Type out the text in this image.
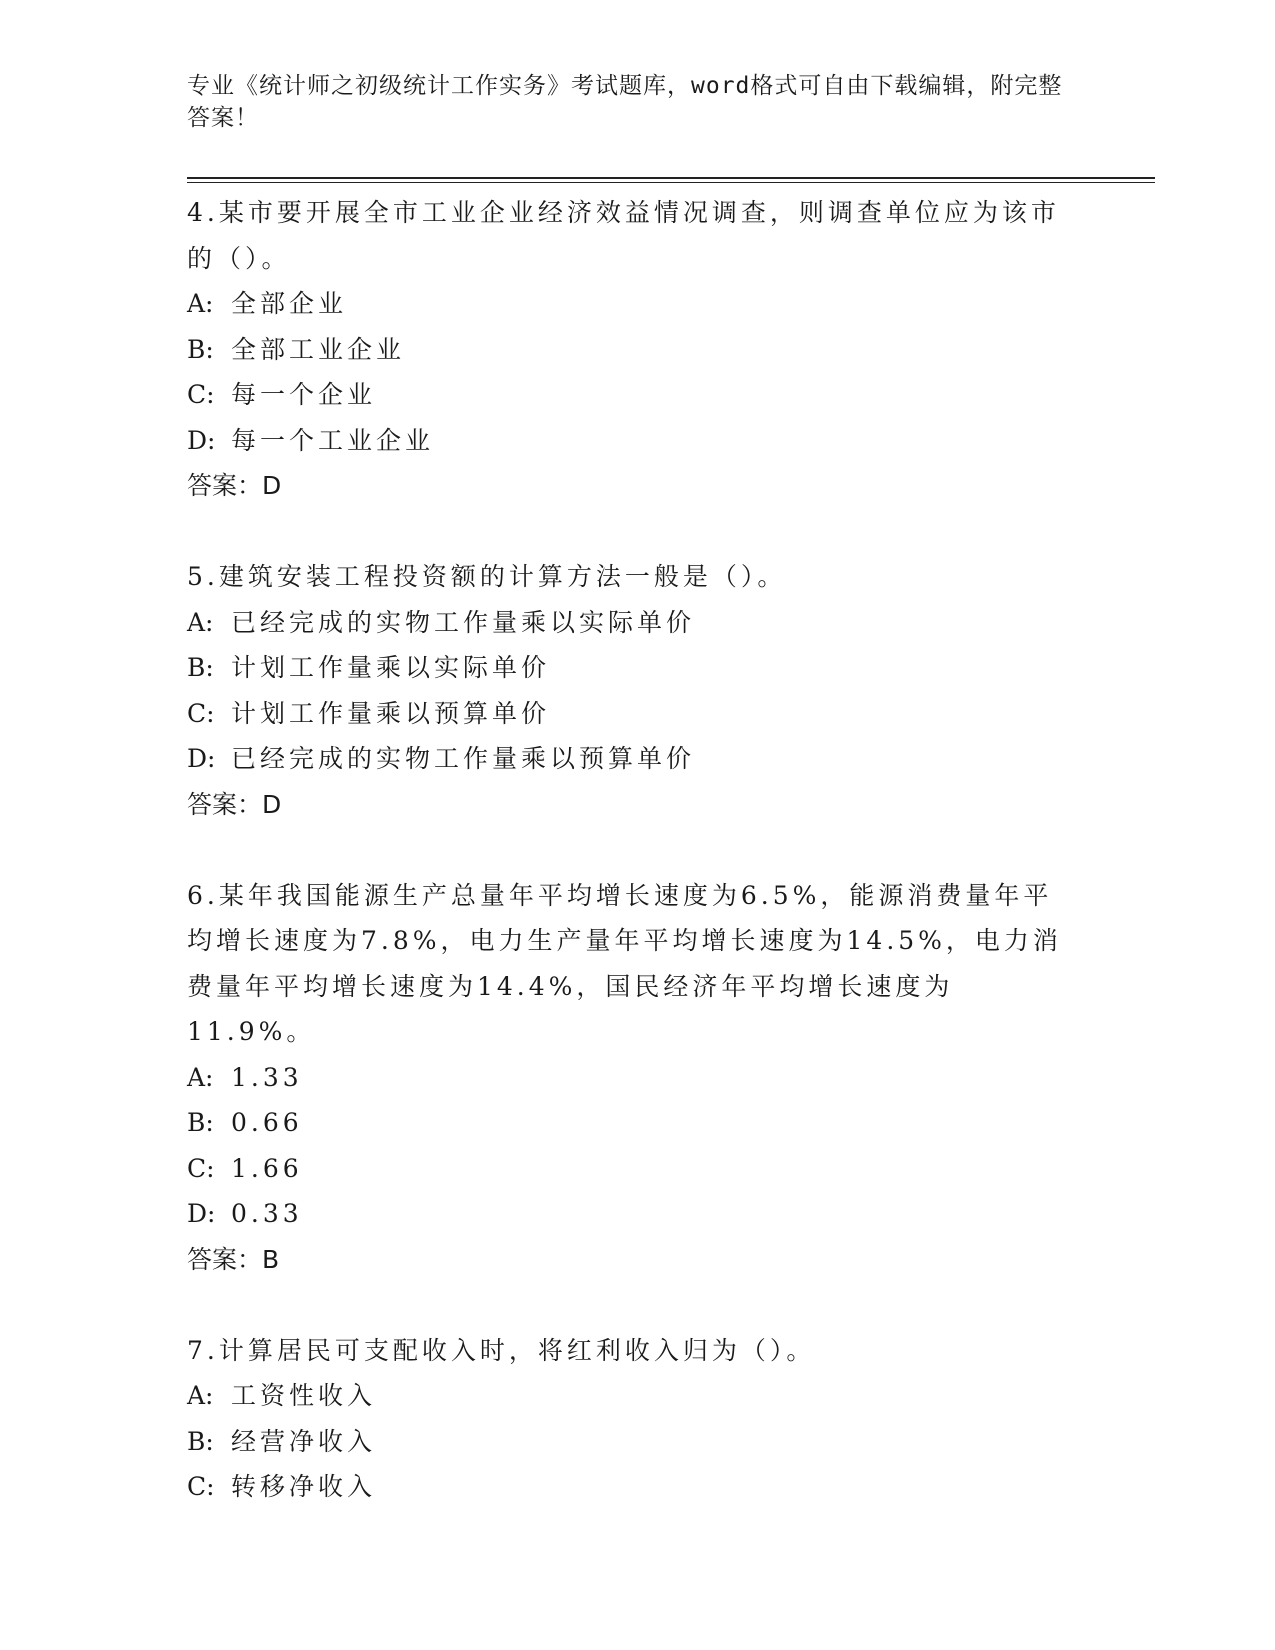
专业《统计师之初级统计工作实务》考试题库，word格式可自由下载编辑，附完整答案！

4.某市要开展全市工业企业经济效益情况调查，则调查单位应为该市的（）。

A: 全部企业

B: 全部工业企业

C: 每一个企业

D: 每一个工业企业

答案：D

5.建筑安装工程投资额的计算方法一般是（）。

A: 已经完成的实物工作量乘以实际单价

B: 计划工作量乘以实际单价

C: 计划工作量乘以预算单价

D: 已经完成的实物工作量乘以预算单价

答案：D

6.某年我国能源生产总量年平均增长速度为6.5%，能源消费量年平均增长速度为7.8%，电力生产量年平均增长速度为14.5%，电力消费量年平均增长速度为14.4%，国民经济年平均增长速度为11.9%。

A: 1.33

B: 0.66

C: 1.66

D: 0.33

答案：B

7.计算居民可支配收入时，将红利收入归为（）。

A: 工资性收入

B: 经营净收入

C: 转移净收入
